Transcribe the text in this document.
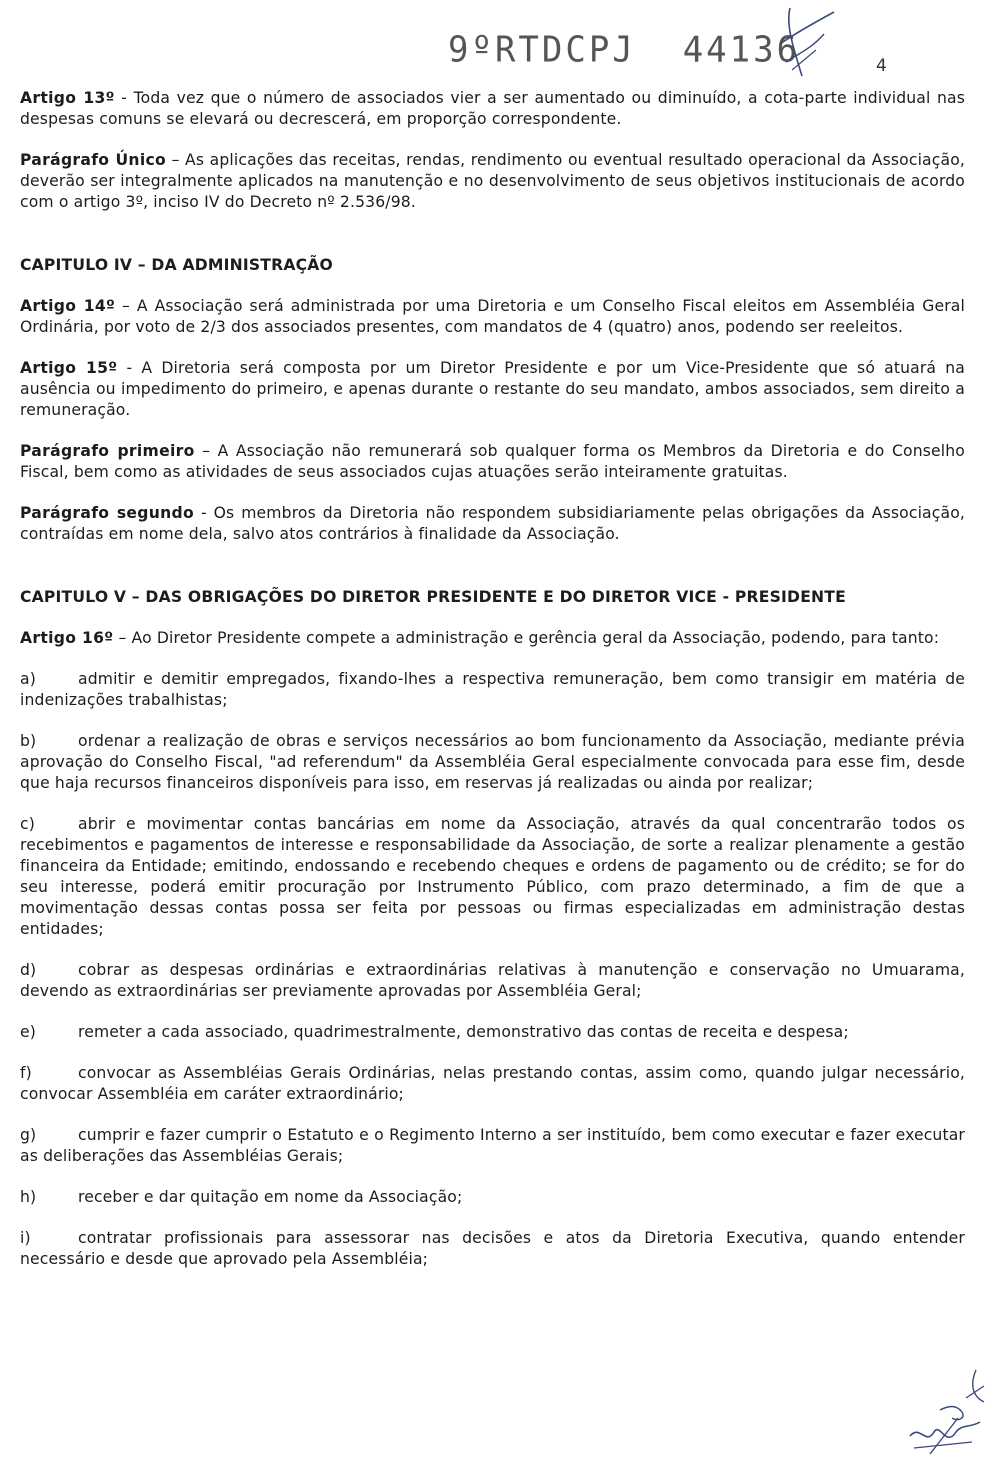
9ºRTDCPJ  44136	4

Artigo 13º - Toda vez que o número de associados vier a ser aumentado ou diminuído, a cota-parte individual nas despesas comuns se elevará ou decrescerá, em proporção correspondente.

Parágrafo Único – As aplicações das receitas, rendas, rendimento ou eventual resultado operacional da Associação, deverão ser integralmente aplicados na manutenção e no desenvolvimento de seus objetivos institucionais de acordo com o artigo 3º, inciso IV do Decreto nº 2.536/98.

CAPITULO IV – DA ADMINISTRAÇÃO

Artigo 14º – A Associação será administrada por uma Diretoria e um Conselho Fiscal eleitos em Assembléia Geral Ordinária, por voto de 2/3 dos associados presentes, com mandatos de 4 (quatro) anos, podendo ser reeleitos.

Artigo 15º - A Diretoria será composta por um Diretor Presidente e por um Vice-Presidente que só atuará na ausência ou impedimento do primeiro, e apenas durante o restante do seu mandato, ambos associados, sem direito a remuneração.

Parágrafo primeiro – A Associação não remunerará sob qualquer forma os Membros da Diretoria e do Conselho Fiscal, bem como as atividades de seus associados cujas atuações serão inteiramente gratuitas.

Parágrafo segundo - Os membros da Diretoria não respondem subsidiariamente pelas obrigações da Associação, contraídas em nome dela, salvo atos contrários à finalidade da Associação.

CAPITULO V – DAS OBRIGAÇÕES DO DIRETOR PRESIDENTE E DO DIRETOR VICE - PRESIDENTE

Artigo 16º – Ao Diretor Presidente compete a administração e gerência geral da Associação, podendo, para tanto:

a)	admitir e demitir empregados, fixando-lhes a respectiva remuneração, bem como transigir em matéria de indenizações trabalhistas;

b)	ordenar a realização de obras e serviços necessários ao bom funcionamento da Associação, mediante prévia aprovação do Conselho Fiscal, "ad referendum" da Assembléia Geral especialmente convocada para esse fim, desde que haja recursos financeiros disponíveis para isso, em reservas já realizadas ou ainda por realizar;

c)	abrir e movimentar contas bancárias em nome da Associação, através da qual concentrarão todos os recebimentos e pagamentos de interesse e responsabilidade da Associação, de sorte a realizar plenamente a gestão financeira da Entidade; emitindo, endossando e recebendo cheques e ordens de pagamento ou de crédito; se for do seu interesse, poderá emitir procuração por Instrumento Público, com prazo determinado, a fim de que a movimentação dessas contas possa ser feita por pessoas ou firmas especializadas em administração destas entidades;

d)	cobrar as despesas ordinárias e extraordinárias relativas à manutenção e conservação no Umuarama, devendo as extraordinárias ser previamente aprovadas por Assembléia Geral;

e)	remeter a cada associado, quadrimestralmente, demonstrativo das contas de receita e despesa;

f)	convocar as Assembléias Gerais Ordinárias, nelas prestando contas, assim como, quando julgar necessário, convocar Assembléia em caráter extraordinário;

g)	cumprir e fazer cumprir o Estatuto e o Regimento Interno a ser instituído, bem como executar e fazer executar as deliberações das Assembléias Gerais;

h)	receber e dar quitação em nome da Associação;

i)	contratar profissionais para assessorar nas decisões e atos da Diretoria Executiva, quando entender necessário e desde que aprovado pela Assembléia;
